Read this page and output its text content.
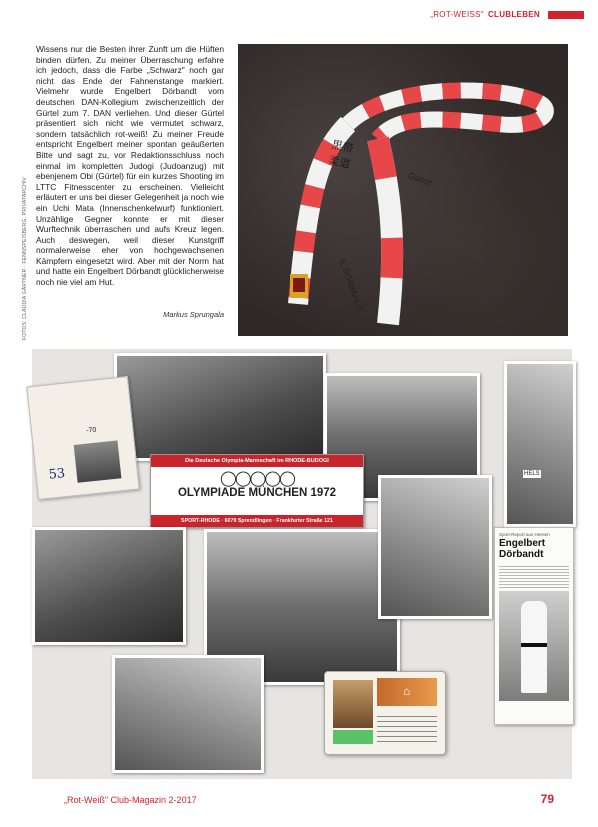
„ROT-WEISS" CLUBLEBEN
FOTOS: CLAUDIA GÄRTNER · FENNSPEISBERG, PRIVATARCHIV
Wissens nur die Besten ihrer Zunft um die Hüften binden dürfen. Zu meiner Überraschung erfahre ich jedoch, dass die Farbe „Schwarz" noch gar nicht das Ende der Fahnenstange markiert. Vielmehr wurde Engelbert Dörbandt vom deutschen DAN-Kollegium zwischenzeitlich der Gürtel zum 7. DAN verliehen. Und dieser Gürtel präsentiert sich nicht wie vermutet schwarz, sondern tatsächlich rot-weiß! Zu meiner Freude entspricht Engelbert meiner spontan geäußerten Bitte und sagt zu, vor Redaktionsschluss noch einmal im kompletten Judogi (Judoanzug) mit ebenjenem Obi (Gürtel) für ein kurzes Shooting im LTTC Fitnesscenter zu erscheinen. Vielleicht erläutert er uns bei dieser Gelegenheit ja noch wie ein Uchi Mata (Innenschenkelwurf) funktioniert. Unzählige Gegner konnte er mit dieser Wurftechnik überraschen und aufs Kreuz legen. Auch deswegen, weil dieser Kunstgriff normalerweise eher von hochgewachsenen Kämpfern eingesetzt wird. Aber mit der Norm hat und hatte ein Engelbert Dörbandt glücklicherweise noch nie viel am Hut.
Markus Sprungala
黒帯
柔道
E. DÖRBANDT
Gunst
-70
53	HELS
Die Deutsche Olympia-Mannschaft im RHODE-BUDOGI
◯◯◯◯◯
OLYMPIADE MÜNCHEN 1972
SPORT-RHODE · 6079 Sprendlingen · Frankfurter Straße 121
Sport-Report aus Hessen
Engelbert Dörbandt
⌂
„Rot-Weiß" Club-Magazin 2-2017	79
